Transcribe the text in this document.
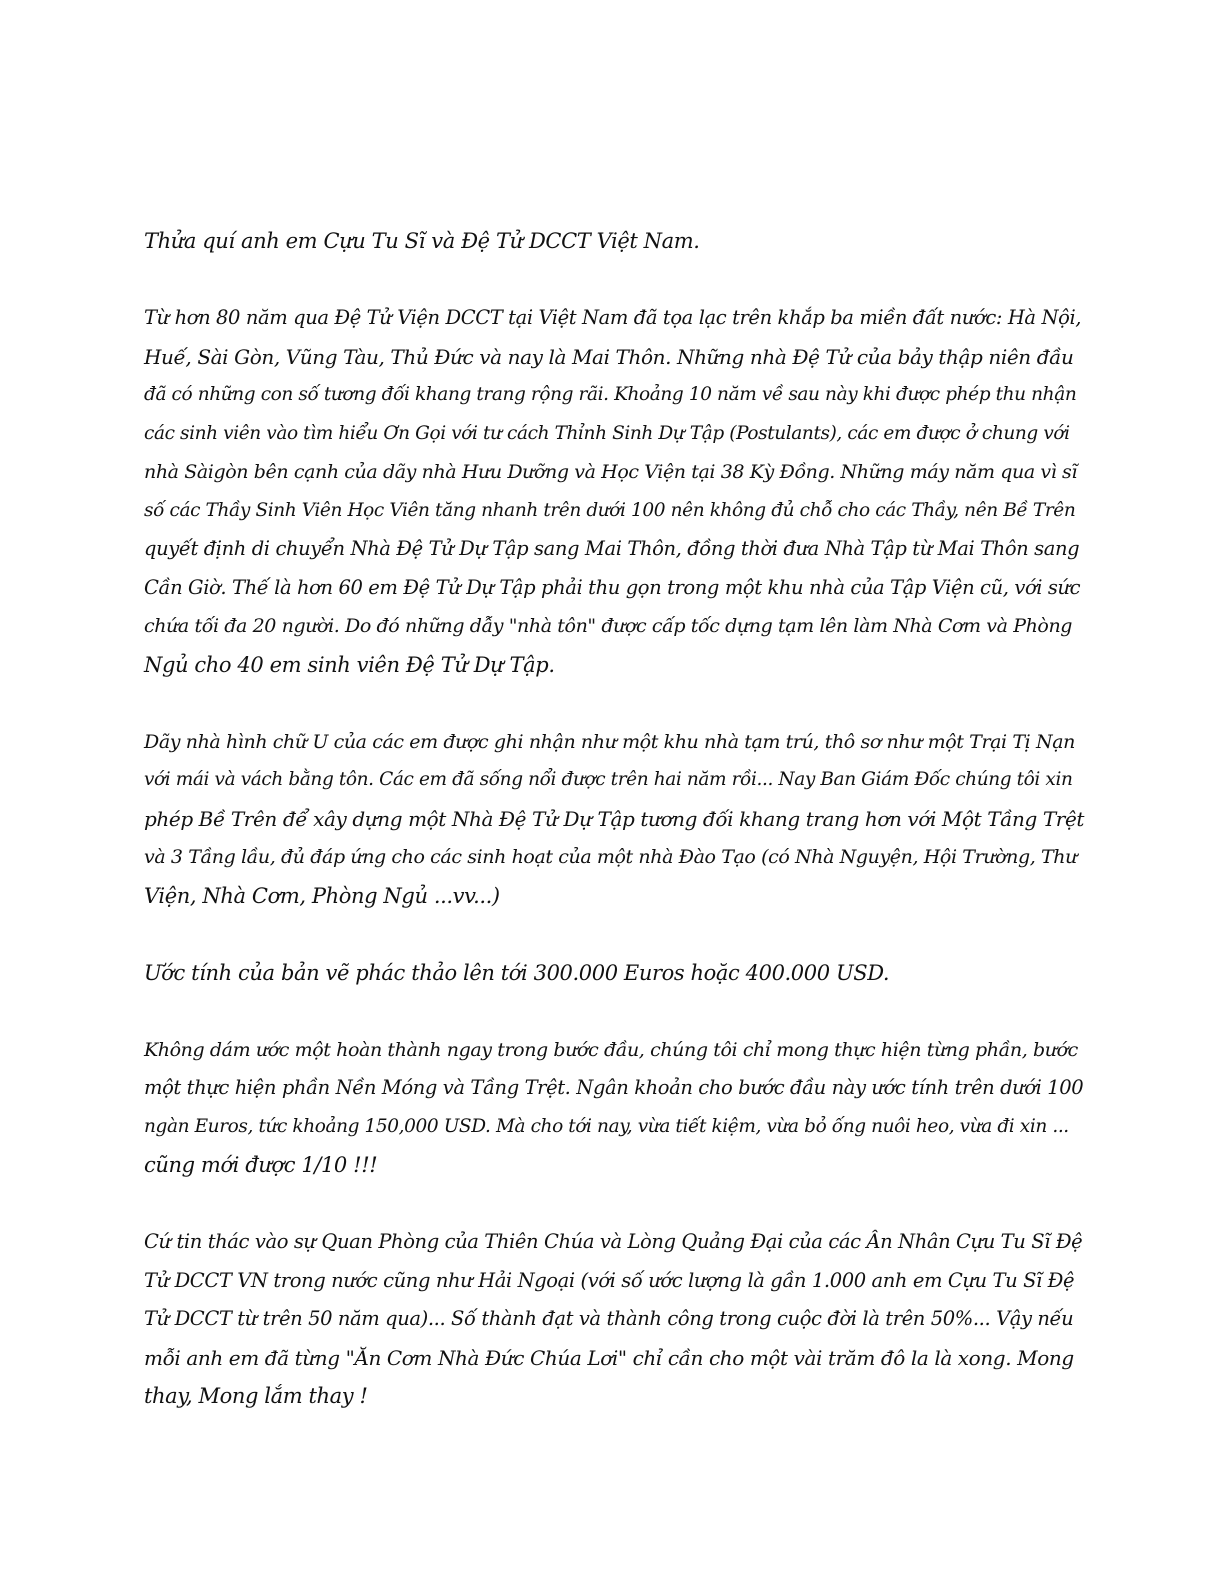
Thửa quí anh em Cựu Tu Sĩ và Đệ Tử DCCT Việt Nam.
Từ hơn 80 năm qua Đệ Tử Viện DCCT tại Việt Nam đã tọa lạc trên khắp ba miền đất nước: Hà Nội,
Huế, Sài Gòn, Vũng Tàu, Thủ Đức và nay là Mai Thôn. Những nhà Đệ Tử của bảy thập niên đầu
đã có những con số tương đối khang trang rộng rãi. Khoảng 10 năm về sau này khi được phép thu nhận
các sinh viên vào tìm hiểu Ơn Gọi với tư cách Thỉnh Sinh Dự Tập (Postulants), các em được ở chung với
nhà Sàigòn bên cạnh của dãy nhà Hưu Dưỡng và Học Viện tại 38 Kỳ Đồng. Những máy năm qua vì sĩ
số các Thầy Sinh Viên Học Viên tăng nhanh trên dưới 100 nên không đủ chỗ cho các Thầy, nên Bề Trên
quyết định di chuyển Nhà Đệ Tử Dự Tập sang Mai Thôn, đồng thời đưa Nhà Tập từ Mai Thôn sang
Cần Giờ. Thế là hơn 60 em Đệ Tử Dự Tập phải thu gọn trong một khu nhà của Tập Viện cũ, với sức
chứa tối đa 20 người. Do đó những dẫy "nhà tôn" được cấp tốc dựng tạm lên làm Nhà Cơm và Phòng
Ngủ cho 40 em sinh viên Đệ Tử Dự Tập.
Dãy nhà hình chữ U của các em được ghi nhận như một khu nhà tạm trú, thô sơ như một Trại Tị Nạn
với mái và vách bằng tôn. Các em đã sống nổi được trên hai năm rồi... Nay Ban Giám Đốc chúng tôi xin
phép Bề Trên để xây dựng một Nhà Đệ Tử Dự Tập tương đối khang trang hơn với Một Tầng Trệt
và 3 Tầng lầu, đủ đáp ứng cho các sinh hoạt của một nhà Đào Tạo (có Nhà Nguyện, Hội Trường, Thư
Viện, Nhà Cơm, Phòng Ngủ ...vv...)
Ước tính của bản vẽ phác thảo lên tới 300.000 Euros hoặc 400.000 USD.
Không dám ước một hoàn thành ngay trong bước đầu, chúng tôi chỉ mong thực hiện từng phần, bước
một thực hiện phần Nền Móng và Tầng Trệt. Ngân khoản cho bước đầu này ước tính trên dưới 100
ngàn Euros, tức khoảng 150,000 USD. Mà cho tới nay, vừa tiết kiệm, vừa bỏ ống nuôi heo, vừa đi xin ...
cũng mới được 1/10 !!!
Cứ tin thác vào sự Quan Phòng của Thiên Chúa và Lòng Quảng Đại của các Ân Nhân Cựu Tu Sĩ Đệ
Tử DCCT VN trong nước cũng như Hải Ngoại (với số ước lượng là gần 1.000 anh em Cựu Tu Sĩ Đệ
Tử DCCT từ trên 50 năm qua)... Số thành đạt và thành công trong cuộc đời là trên 50%... Vậy nếu
mỗi anh em đã từng "Ăn Cơm Nhà Đức Chúa Lơi" chỉ cần cho một vài trăm đô la là xong. Mong
thay, Mong lắm thay !
